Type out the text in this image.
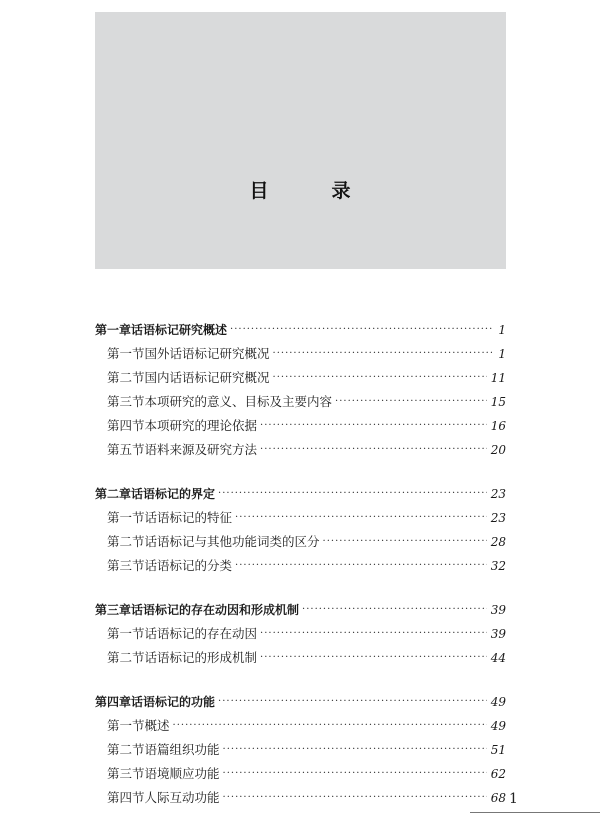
目　录
第一章 话语标记研究概述 ·····	1
第一节 国外话语标记研究概况 ·····	1
第二节 国内话语标记研究概况 ·····	11
第三节 本项研究的意义、目标及主要内容 ·····	15
第四节 本项研究的理论依据 ·····	16
第五节 语料来源及研究方法 ·····	20
第二章 话语标记的界定 ·····	23
第一节 话语标记的特征 ·····	23
第二节 话语标记与其他功能词类的区分 ·····	28
第三节 话语标记的分类 ·····	32
第三章 话语标记的存在动因和形成机制 ·····	39
第一节 话语标记的存在动因 ·····	39
第二节 话语标记的形成机制 ·····	44
第四章 话语标记的功能 ·····	49
第一节 概述 ·····	49
第二节 语篇组织功能 ·····	51
第三节 语境顺应功能 ·····	62
第四节 人际互动功能 ·····	68 1
